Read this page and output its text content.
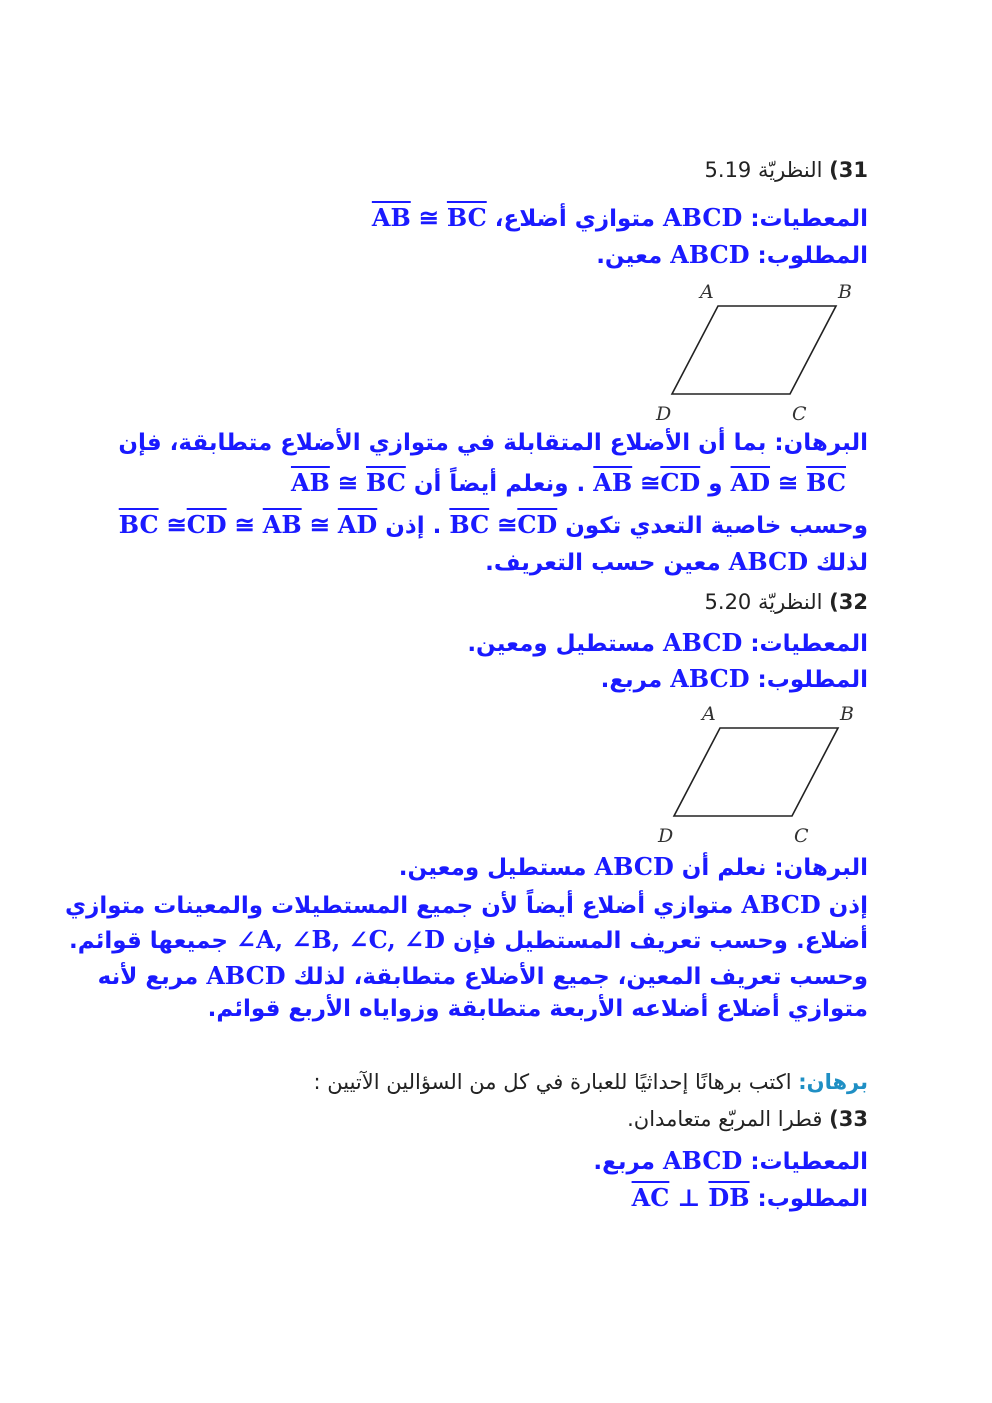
31) النظريّة 5.19
المعطيات: ABCD متوازي أضلاع، $\overline{AB}$ ≅ $\overline{BC}$
المطلوب: ABCD معين.
A	B
C
D
البرهان: بما أن الأضلاع المتقابلة في متوازي الأضلاع متطابقة، فإن
$\overline{AD}$ ≅ $\overline{BC}$ و $\overline{AB}$ $≅\overline{CD}$ . ونعلم أيضاً أن $\overline{AB}$ ≅ $\overline{BC}$
وحسب خاصية التعدي تكون $\overline{BC}$ $≅\overline{CD}$ . إذن $\overline{BC}$ $≅\overline{CD}$ ≅ $\overline{AB}$ ≅ $\overline{AD}$
لذلك ABCD معين حسب التعريف.
32) النظريّة 5.20
المعطيات: ABCD مستطيل ومعين.
المطلوب: ABCD مربع.
A	B
C
D
البرهان: نعلم أن ABCD مستطيل ومعين.
إذن ABCD متوازي أضلاع أيضاً لأن جميع المستطيلات والمعينات متوازي
أضلاع. وحسب تعريف المستطيل فإن ∠A, ∠B, ∠C, ∠D جميعها قوائم.
وحسب تعريف المعين، جميع الأضلاع متطابقة، لذلك ABCD مربع لأنه
متوازي أضلاع أضلاعه الأربعة متطابقة وزواياه الأربع قوائم.
برهان: اكتب برهانًا إحداثيًا للعبارة في كل من السؤالين الآتيين :
33) قطرا المربّع متعامدان.
المعطيات: ABCD مربع.
المطلوب: $\overline{AC}$ ⊥ $\overline{DB}$
